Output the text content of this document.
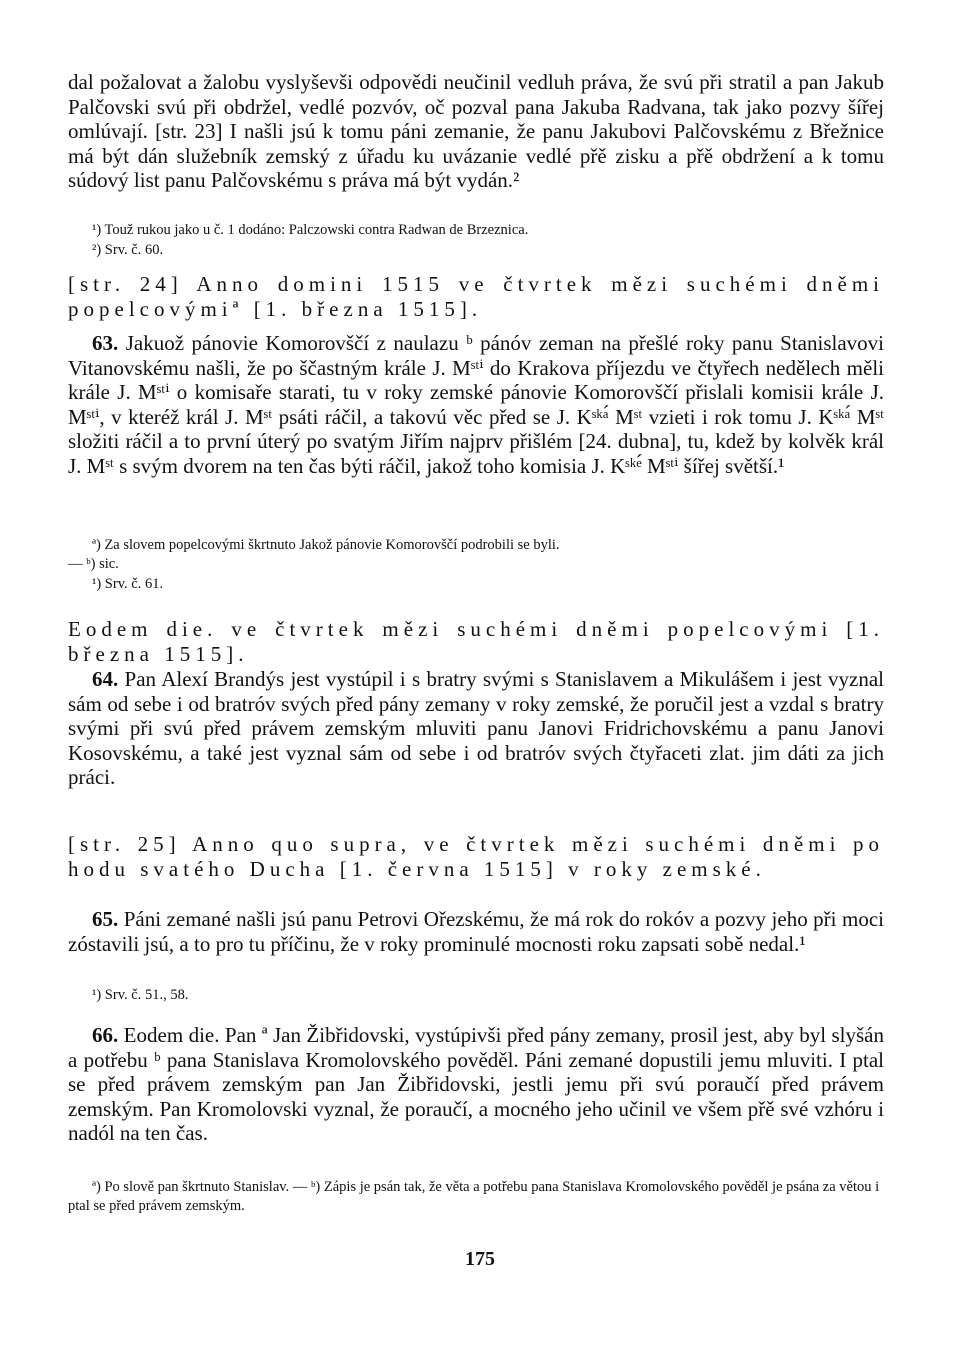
dal požalovat a žalobu vyslyševši odpovědi neučinil vedluh práva, že svú při stratil a pan Jakub Palčovski svú při obdržel, vedlé pozvóv, oč pozval pana Jakuba Radvana, tak jako pozvy šířej omlúvají. [str. 23] I našli jsú k tomu páni zemanie, že panu Jakubovi Palčovskému z Břežnice má být dán služebník zemský z úřadu ku uvázanie vedlé přě zisku a přě obdržení a k tomu súdový list panu Palčovskému s práva má být vydán.²

¹) Touž rukou jako u č. 1 dodáno: Palczowski contra Radwan de Brzeznica.

²) Srv. č. 60.

[str. 24] Anno domini 1515 ve čtvrtek mězi suchémi dněmi popelcovýmiª [1. března 1515].

63. Jakuož pánovie Komorovščí z naulazu ᵇ pánóv zeman na přešlé roky panu Stanislavovi Vitanovskému našli, že po ščastným krále J. Mˢᵗⁱ do Krakova příjezdu ve čtyřech nedělech měli krále J. Mˢᵗⁱ o komisaře starati, tu v roky zemské pánovie Komorovščí přislali komisii krále J. Mˢᵗⁱ, v kteréž král J. Mˢᵗ psáti ráčil, a takovú věc před se J. Kˢᵏᵃ́ Mˢᵗ vzieti i rok tomu J. Kˢᵏᵃ́ Mˢᵗ složiti ráčil a to první úterý po svatým Jiřím najprv přišlém [24. dubna], tu, kdež by kolvěk král J. Mˢᵗ s svým dvorem na ten čas býti ráčil, jakož toho komisia J. Kˢᵏᵉ́ Mˢᵗⁱ šířej světší.¹

ª) Za slovem popelcovými škrtnuto Jakož pánovie Komorovščí podrobili se byli.

— ᵇ) sic.

¹) Srv. č. 61.

Eodem die. ve čtvrtek mězi suchémi dněmi popelcovými [1. března 1515].

64. Pan Alexí Brandýs jest vystúpil i s bratry svými s Stanislavem a Mikulášem i jest vyznal sám od sebe i od bratróv svých před pány zemany v roky zemské, že poručil jest a vzdal s bratry svými při svú před právem zemským mluviti panu Janovi Fridrichovskému a panu Janovi Kosovskému, a také jest vyznal sám od sebe i od bratróv svých čtyřaceti zlat. jim dáti za jich práci.

[str. 25] Anno quo supra, ve čtvrtek mězi suchémi dněmi po hodu svatého Ducha [1. června 1515] v roky zemské.

65. Páni zemané našli jsú panu Petrovi Ořezskému, že má rok do rokóv a pozvy jeho při moci zóstavili jsú, a to pro tu příčinu, že v roky prominulé mocnosti roku zapsati sobě nedal.¹

¹) Srv. č. 51., 58.

66. Eodem die. Pan ª Jan Žibřidovski, vystúpivši před pány zemany, prosil jest, aby byl slyšán a potřebu ᵇ pana Stanislava Kromolovského pověděl. Páni zemané dopustili jemu mluviti. I ptal se před právem zemským pan Jan Žibřidovski, jestli jemu při svú poraučí před právem zemským. Pan Kromolovski vyznal, že poraučí, a mocného jeho učinil ve všem přě své vzhóru i nadól na ten čas.

ª) Po slově pan škrtnuto Stanislav. — ᵇ) Zápis je psán tak, že věta a potřebu pana Stanislava Kromolovského pověděl je psána za větou i ptal se před právem zemským.

175
